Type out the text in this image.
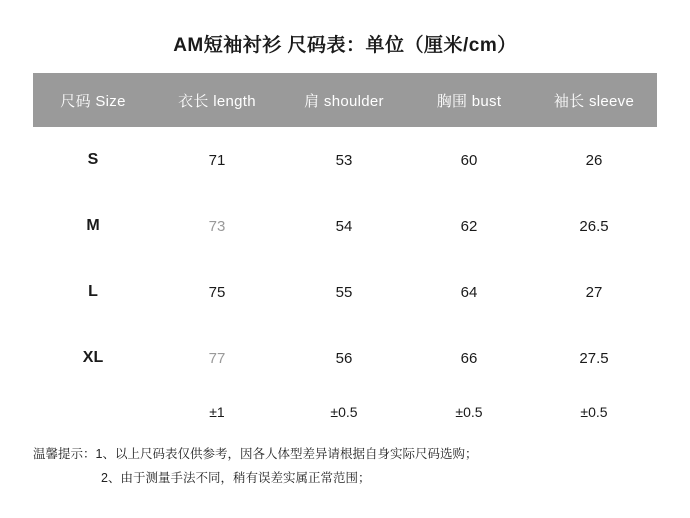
AM短袖衬衫 尺码表：单位（厘米/cm）
尺码 Size	衣长 length	肩 shoulder	胸围 bust	袖长 sleeve
S	71	53	60	26
M	73	54	62	26.5
L	75	55	64	27
XL	77	56	66	27.5
	±1	±0.5	±0.5	±0.5
温馨提示：1、以上尺码表仅供参考，因各人体型差异请根据自身实际尺码选购；
2、由于测量手法不同，稍有误差实属正常范围；
